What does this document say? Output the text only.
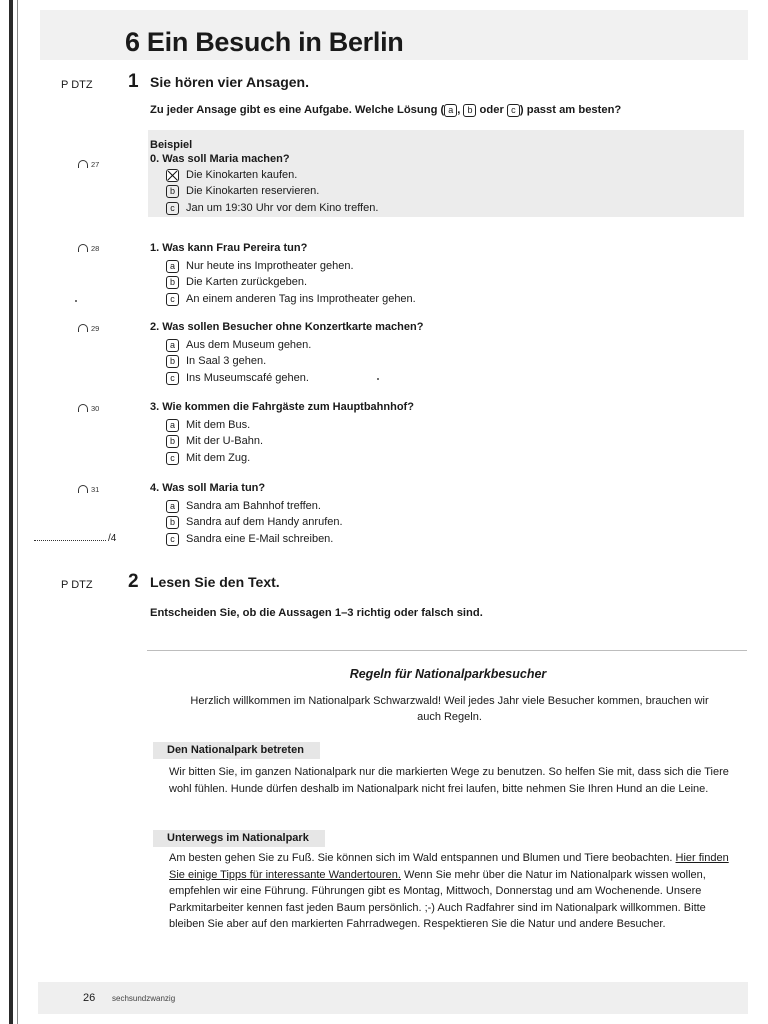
6 Ein Besuch in Berlin
P DTZ 1 Sie hören vier Ansagen.
Zu jeder Ansage gibt es eine Aufgabe. Welche Lösung ( a , b oder c ) passt am besten?
27
Beispiel
0. Was soll Maria machen?
Die Kinokarten kaufen.
b	Die Kinokarten reservieren.
c	Jan um 19:30 Uhr vor dem Kino treffen.
28	1. Was kann Frau Pereira tun?
a	Nur heute ins Improtheater gehen.
b	Die Karten zurückgeben.
c	An einem anderen Tag ins Improtheater gehen.
29	2. Was sollen Besucher ohne Konzertkarte machen?
a	Aus dem Museum gehen.
b	In Saal 3 gehen.
c	Ins Museumscafé gehen.
30	3. Wie kommen die Fahrgäste zum Hauptbahnhof?
a	Mit dem Bus.
b	Mit der U-Bahn.
c	Mit dem Zug.
31	4. Was soll Maria tun?
a	Sandra am Bahnhof treffen.
b	Sandra auf dem Handy anrufen.
c	Sandra eine E-Mail schreiben.
/4
P DTZ 2 Lesen Sie den Text.
Entscheiden Sie, ob die Aussagen 1–3 richtig oder falsch sind.
Regeln für Nationalparkbesucher
Herzlich willkommen im Nationalpark Schwarzwald! Weil jedes Jahr viele Besucher kommen, brauchen wir auch Regeln.
Den Nationalpark betreten
Wir bitten Sie, im ganzen Nationalpark nur die markierten Wege zu benutzen. So helfen Sie mit, dass sich die Tiere wohl fühlen. Hunde dürfen deshalb im Nationalpark nicht frei laufen, bitte nehmen Sie Ihren Hund an die Leine.
Unterwegs im Nationalpark
Am besten gehen Sie zu Fuß. Sie können sich im Wald entspannen und Blumen und Tiere beobachten. Hier finden Sie einige Tipps für interessante Wandertouren. Wenn Sie mehr über die Natur im Nationalpark wissen wollen, empfehlen wir eine Führung. Führungen gibt es Montag, Mittwoch, Donnerstag und am Wochenende. Unsere Parkmitarbeiter kennen fast jeden Baum persönlich. ;-) Auch Radfahrer sind im Nationalpark willkommen. Bitte bleiben Sie aber auf den markierten Fahrradwegen. Respektieren Sie die Natur und andere Besucher.
26 sechsundzwanzig
